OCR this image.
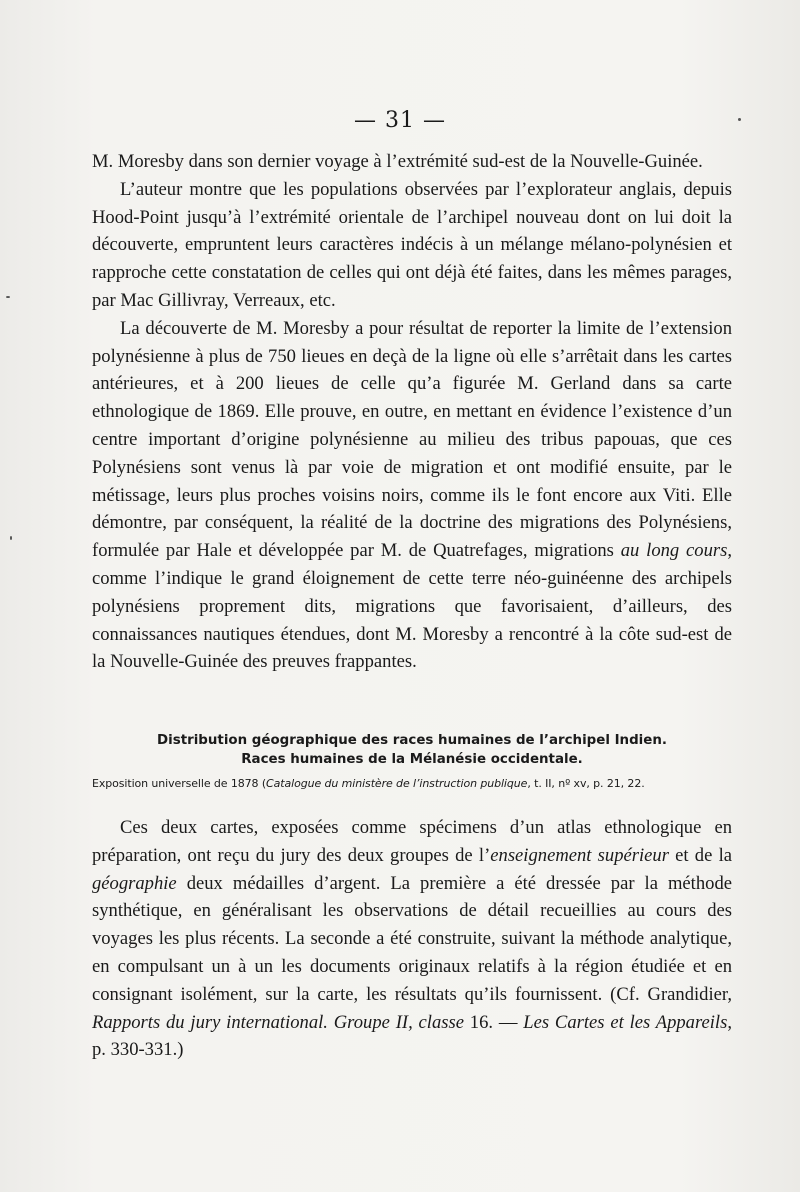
— 31 —

M. Moresby dans son dernier voyage à l’extrémité sud-est de la Nouvelle-Guinée.

L’auteur montre que les populations observées par l’explorateur anglais, depuis Hood-Point jusqu’à l’extrémité orientale de l’archipel nouveau dont on lui doit la découverte, empruntent leurs caractères indécis à un mélange mélano-polynésien et rapproche cette constatation de celles qui ont déjà été faites, dans les mêmes parages, par Mac Gillivray, Verreaux, etc.

La découverte de M. Moresby a pour résultat de reporter la limite de l’extension polynésienne à plus de 750 lieues en deçà de la ligne où elle s’arrêtait dans les cartes antérieures, et à 200 lieues de celle qu’a figurée M. Gerland dans sa carte ethnologique de 1869. Elle prouve, en outre, en mettant en évidence l’existence d’un centre important d’origine polynésienne au milieu des tribus papouas, que ces Polynésiens sont venus là par voie de migration et ont modifié ensuite, par le métissage, leurs plus proches voisins noirs, comme ils le font encore aux Viti. Elle démontre, par conséquent, la réalité de la doctrine des migrations des Polynésiens, formulée par Hale et développée par M. de Quatrefages, migrations au long cours, comme l’indique le grand éloignement de cette terre néo-guinéenne des archipels polynésiens proprement dits, migrations que favorisaient, d’ailleurs, des connaissances nautiques étendues, dont M. Moresby a rencontré à la côte sud-est de la Nouvelle-Guinée des preuves frappantes.

Distribution géographique des races humaines de l’archipel Indien.
Races humaines de la Mélanésie occidentale.
Exposition universelle de 1878 (Catalogue du ministère de l’instruction publique, t. II, nº xv, p. 21, 22.

Ces deux cartes, exposées comme spécimens d’un atlas ethnologique en préparation, ont reçu du jury des deux groupes de l’enseignement supérieur et de la géographie deux médailles d’argent. La première a été dressée par la méthode synthétique, en généralisant les observations de détail recueillies au cours des voyages les plus récents. La seconde a été construite, suivant la méthode analytique, en compulsant un à un les documents originaux relatifs à la région étudiée et en consignant isolément, sur la carte, les résultats qu’ils fournissent. (Cf. Grandidier, Rapports du jury international. Groupe II, classe 16. — Les Cartes et les Appareils, p. 330-331.)
